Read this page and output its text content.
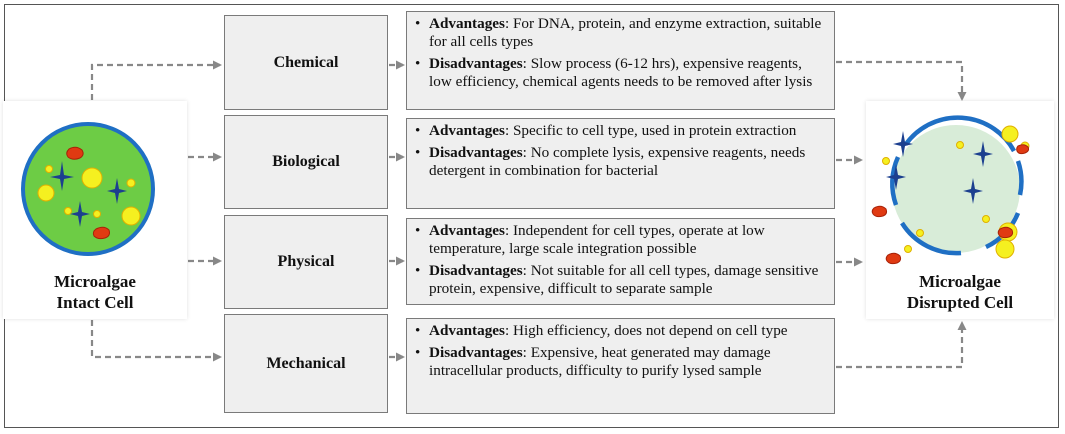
Microalgae
Intact Cell
Microalgae
Disrupted Cell
Chemical
Biological
Physical
Mechanical
• Advantages: For DNA, protein, and enzyme extraction, suitable for all cells types
• Disadvantages: Slow process (6-12 hrs), expensive reagents, low efficiency, chemical agents needs to be removed after lysis
• Advantages: Specific to cell type, used in protein extraction
• Disadvantages: No complete lysis, expensive reagents, needs detergent in combination for bacterial
• Advantages: Independent for cell types, operate at low temperature, large scale integration possible
• Disadvantages: Not suitable for all cell types, damage sensitive protein, expensive, difficult to separate sample
• Advantages: High efficiency, does not depend on cell type
• Disadvantages: Expensive, heat generated may damage intracellular products, difficulty to purify lysed sample
